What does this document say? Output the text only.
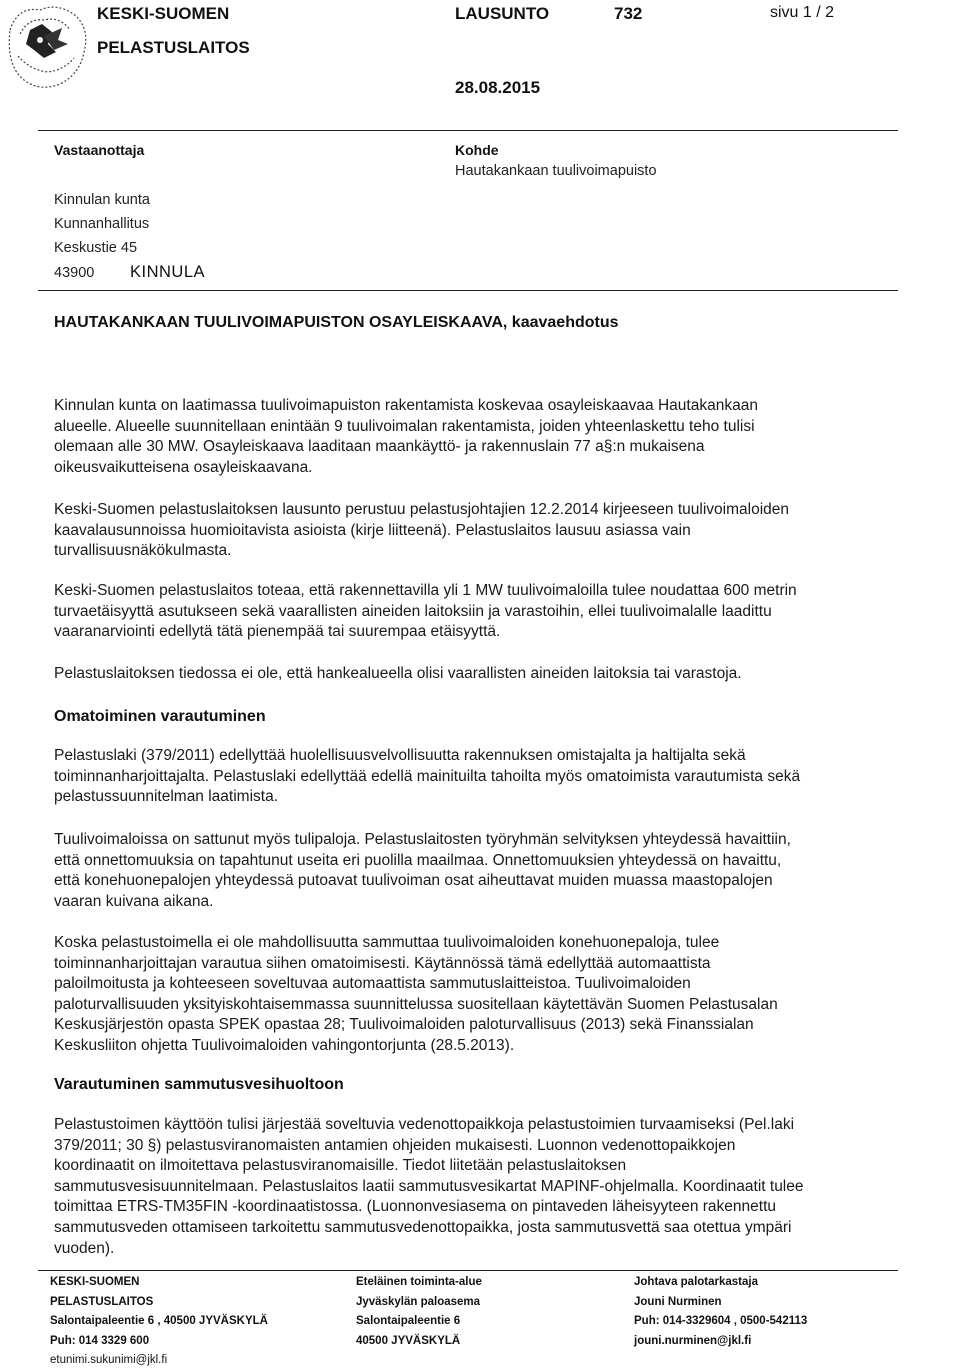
KESKI-SUOMEN
PELASTUSLAITOS
LAUSUNTO	732	sivu 1 / 2
28.08.2015
Vastaanottaja
Kinnulan kunta
Kunnanhallitus
Keskustie 45
43900 KINNULA
Kohde
Hautakankaan tuulivoimapuisto
HAUTAKANKAAN TUULIVOIMAPUISTON OSAYLEISKAAVA, kaavaehdotus

Kinnulan kunta on laatimassa tuulivoimapuiston rakentamista koskevaa osayleiskaavaa Hautakankaan alueelle. Alueelle suunnitellaan enintään 9 tuulivoimalan rakentamista, joiden yhteenlaskettu teho tulisi olemaan alle 30 MW. Osayleiskaava laaditaan maankäyttö- ja rakennuslain 77 a§:n mukaisena oikeusvaikutteisena osayleiskaavana.

Keski-Suomen pelastuslaitoksen lausunto perustuu pelastusjohtajien 12.2.2014 kirjeeseen tuulivoimaloiden kaavalausunnoissa huomioitavista asioista (kirje liitteenä). Pelastuslaitos lausuu asiassa vain turvallisuusnäkökulmasta.

Keski-Suomen pelastuslaitos toteaa, että rakennettavilla yli 1 MW tuulivoimaloilla tulee noudattaa 600 metrin turvaetäisyyttä asutukseen sekä vaarallisten aineiden laitoksiin ja varastoihin, ellei tuulivoimalalle laadittu vaaranarviointi edellytä tätä pienempää tai suurempaa etäisyyttä.

Pelastuslaitoksen tiedossa ei ole, että hankealueella olisi vaarallisten aineiden laitoksia tai varastoja.

Omatoiminen varautuminen

Pelastuslaki (379/2011) edellyttää huolellisuusvelvollisuutta rakennuksen omistajalta ja haltijalta sekä toiminnanharjoittajalta. Pelastuslaki edellyttää edellä mainituilta tahoilta myös omatoimista varautumista sekä pelastussuunnitelman laatimista.

Tuulivoimaloissa on sattunut myös tulipaloja. Pelastuslaitosten työryhmän selvityksen yhteydessä havaittiin, että onnettomuuksia on tapahtunut useita eri puolilla maailmaa. Onnettomuuksien yhteydessä on havaittu, että konehuonepalojen yhteydessä putoavat tuulivoiman osat aiheuttavat muiden muassa maastopalojen vaaran kuivana aikana.

Koska pelastustoimella ei ole mahdollisuutta sammuttaa tuulivoimaloiden konehuonepaloja, tulee toiminnanharjoittajan varautua siihen omatoimisesti. Käytännössä tämä edellyttää automaattista paloilmoitusta ja kohteeseen soveltuvaa automaattista sammutuslaitteistoa. Tuulivoimaloiden paloturvallisuuden yksityiskohtaisemmassa suunnittelussa suositellaan käytettävän Suomen Pelastusalan Keskusjärjestön opasta SPEK opastaa 28; Tuulivoimaloiden paloturvallisuus (2013) sekä Finanssialan Keskusliiton ohjetta Tuulivoimaloiden vahingontorjunta (28.5.2013).

Varautuminen sammutusvesihuoltoon

Pelastustoimen käyttöön tulisi järjestää soveltuvia vedenottopaikkoja pelastustoimien turvaamiseksi (Pel.laki 379/2011; 30 §) pelastusviranomaisten antamien ohjeiden mukaisesti. Luonnon vedenottopaikkojen koordinaatit on ilmoitettava pelastusviranomaisille. Tiedot liitetään pelastuslaitoksen sammutusvesisuunnitelmaan. Pelastuslaitos laatii sammutusvesikartat MAPINF-ohjelmalla. Koordinaatit tulee toimittaa ETRS-TM35FIN -koordinaatistossa. (Luonnonvesiasema on pintaveden läheisyyteen rakennettu sammutusveden ottamiseen tarkoitettu sammutusvedenottopaikka, josta sammutusvettä saa otettua ympäri vuoden).

KESKI-SUOMEN
PELASTUSLAITOS
Salontaipaleentie 6 , 40500 JYVÄSKYLÄ
Puh: 014 3329 600
etunimi.sukunimi@jkl.fi
Eteläinen toiminta-alue
Jyväskylän paloasema
Salontaipaleentie 6
40500 JYVÄSKYLÄ
Johtava palotarkastaja
Jouni Nurminen
Puh: 014-3329604 , 0500-542113
jouni.nurminen@jkl.fi
